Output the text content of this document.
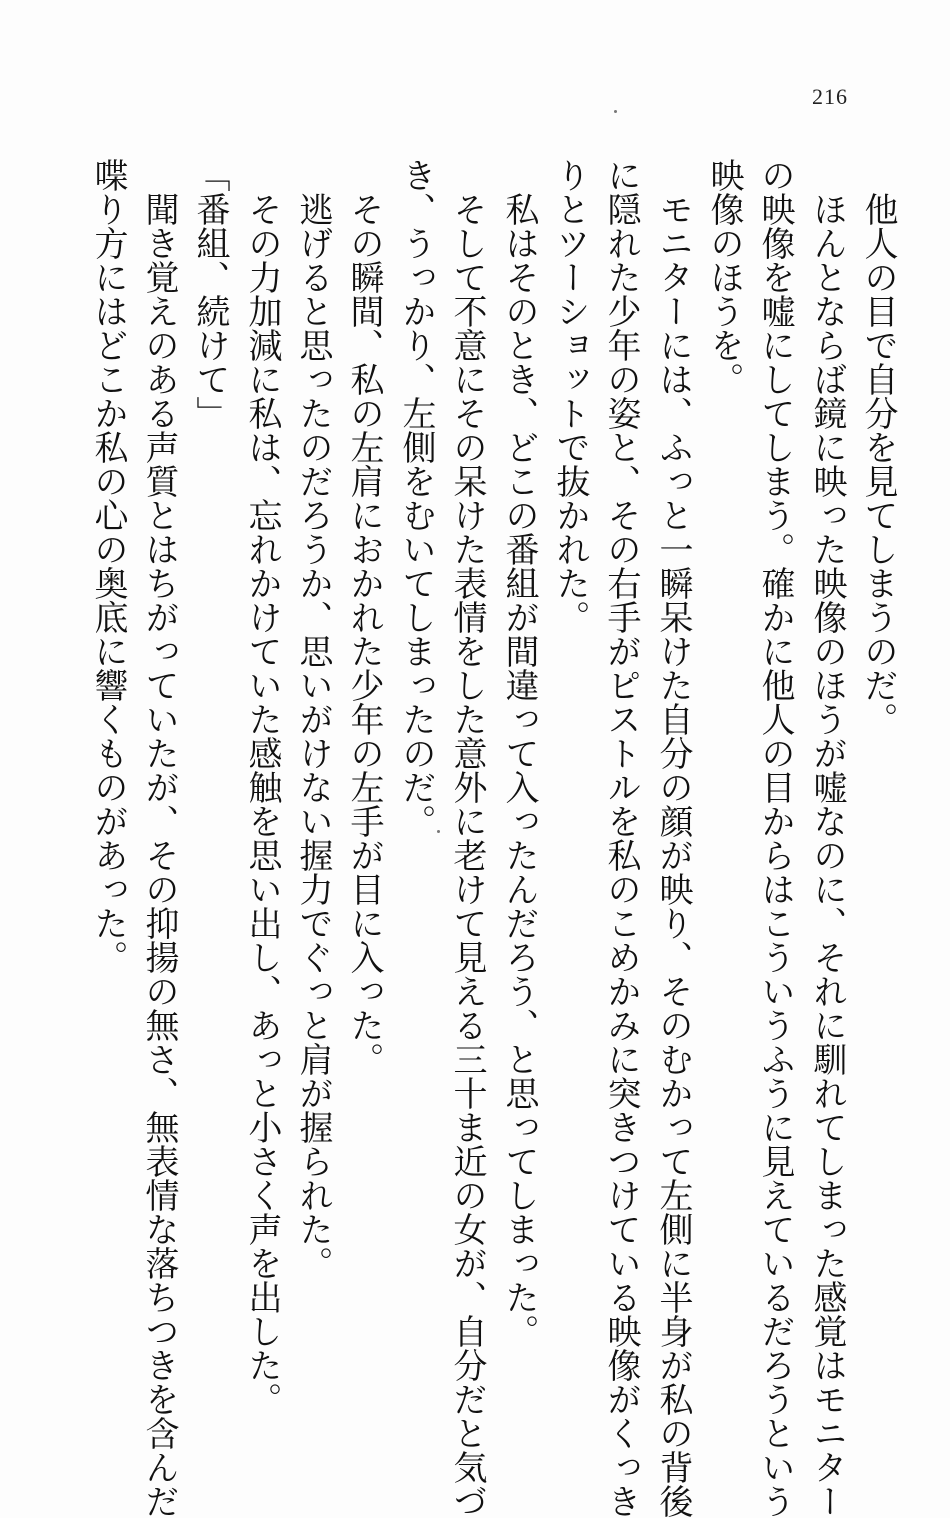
216
　他人の目で自分を見てしまうのだ。
　ほんとならば鏡に映った映像のほうが嘘なのに、それに馴れてしまった感覚はモニター
の映像を嘘にしてしまう。確かに他人の目からはこういうふうに見えているだろうという
映像のほうを。
　モニターには、ふっと一瞬呆けた自分の顔が映り、そのむかって左側に半身が私の背後
に隠れた少年の姿と、その右手がピストルを私のこめかみに突きつけている映像がくっき
りとツーショットで抜かれた。
　私はそのとき、どこの番組が間違って入ったんだろう、と思ってしまった。
　そして不意にその呆けた表情をした意外に老けて見える三十ま近の女が、自分だと気づ
き、うっかり、左側をむいてしまったのだ。
　その瞬間、私の左肩におかれた少年の左手が目に入った。
　逃げると思ったのだろうか、思いがけない握力でぐっと肩が握られた。
　その力加減に私は、忘れかけていた感触を思い出し、あっと小さく声を出した。
「番組、続けて」
　聞き覚えのある声質とはちがっていたが、その抑揚の無さ、無表情な落ちつきを含んだ
喋り方にはどこか私の心の奥底に響くものがあった。
